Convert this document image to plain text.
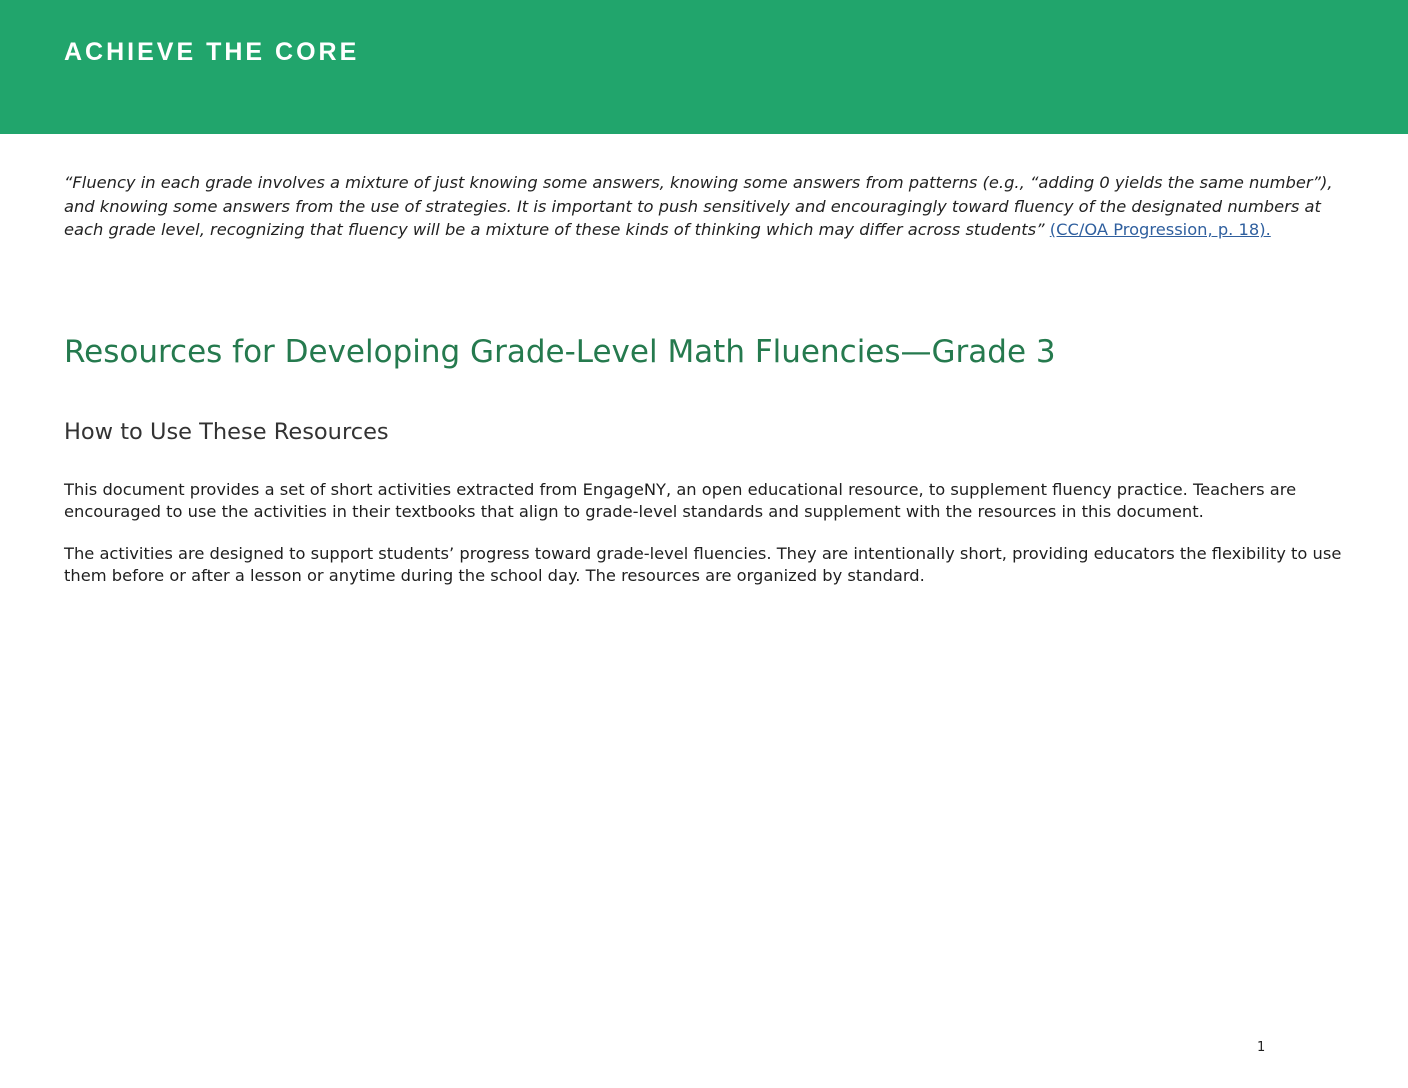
ACHIEVE THE CORE

“Fluency in each grade involves a mixture of just knowing some answers, knowing some answers from patterns (e.g., “adding 0 yields the same number”), and knowing some answers from the use of strategies. It is important to push sensitively and encouragingly toward fluency of the designated numbers at each grade level, recognizing that fluency will be a mixture of these kinds of thinking which may differ across students” (CC/OA Progression, p. 18).

Resources for Developing Grade-Level Math Fluencies—Grade 3
How to Use These Resources

This document provides a set of short activities extracted from EngageNY, an open educational resource, to supplement fluency practice. Teachers are encouraged to use the activities in their textbooks that align to grade-level standards and supplement with the resources in this document.

The activities are designed to support students’ progress toward grade-level fluencies. They are intentionally short, providing educators the flexibility to use them before or after a lesson or anytime during the school day. The resources are organized by standard.

1
